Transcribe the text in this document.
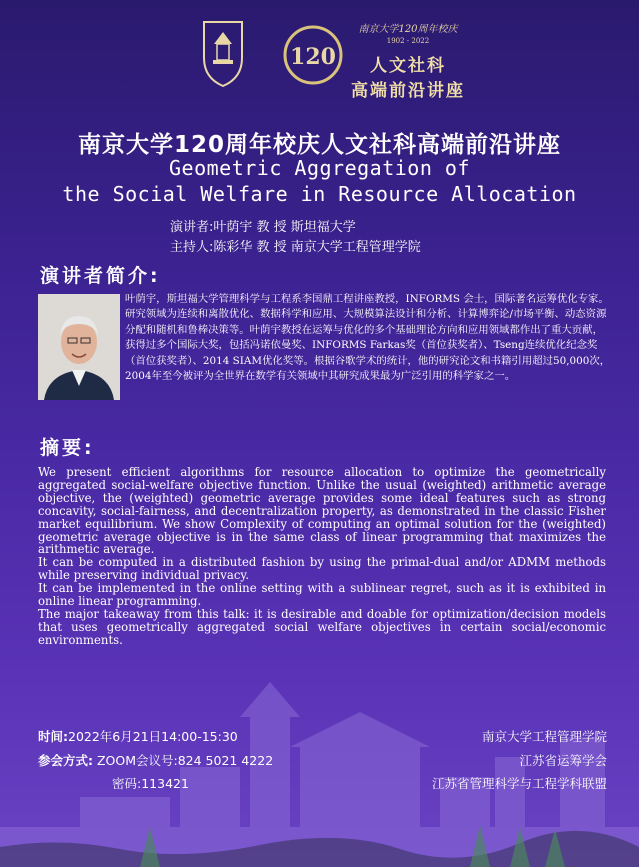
120
南京大学120周年校庆
1902 - 2022
人文社科
高端前沿讲座
南京大学120周年校庆人文社科高端前沿讲座
Geometric Aggregation of
the Social Welfare in Resource Allocation
演讲者:叶荫宇 教 授 斯坦福大学
主持人:陈彩华 教 授 南京大学工程管理学院
演讲者简介:
叶荫宇，斯坦福大学管理科学与工程系李国鼎工程讲座教授，INFORMS 会士，国际著名运筹优化专家。研究领域为连续和离散优化、数据科学和应用、大规模算法设计和分析、计算博弈论/市场平衡、动态资源分配和随机和鲁棒决策等。叶荫宇教授在运筹与优化的多个基础理论方向和应用领域都作出了重大贡献，获得过多个国际大奖，包括冯诺依曼奖、INFORMS Farkas奖（首位获奖者）、Tseng连续优化纪念奖（首位获奖者）、2014 SIAM优化奖等。根据谷歌学术的统计，他的研究论文和书籍引用超过50,000次，2004年至今被评为全世界在数学有关领域中其研究成果最为广泛引用的科学家之一。
摘要:

We present efficient algorithms for resource allocation to optimize the geometrically aggregated social-welfare objective function. Unlike the usual (weighted) arithmetic average objective, the (weighted) geometric average provides some ideal features such as strong concavity, social-fairness, and decentralization property, as demonstrated in the classic Fisher market equilibrium. We show Complexity of computing an optimal solution for the (weighted) geometric average objective is in the same class of linear programming that maximizes the arithmetic average.

It can be computed in a distributed fashion by using the primal-dual and/or ADMM methods while preserving individual privacy.

It can be implemented in the online setting with a sublinear regret, such as it is exhibited in online linear programming.

The major takeaway from this talk: it is desirable and doable for optimization/decision models that uses geometrically aggregated social welfare objectives in certain social/economic environments.

时间:2022年6月21日14:00-15:30
参会方式: ZOOM会议号:824 5021 4222
密码:113421
南京大学工程管理学院
江苏省运筹学会
江苏省管理科学与工程学科联盟
